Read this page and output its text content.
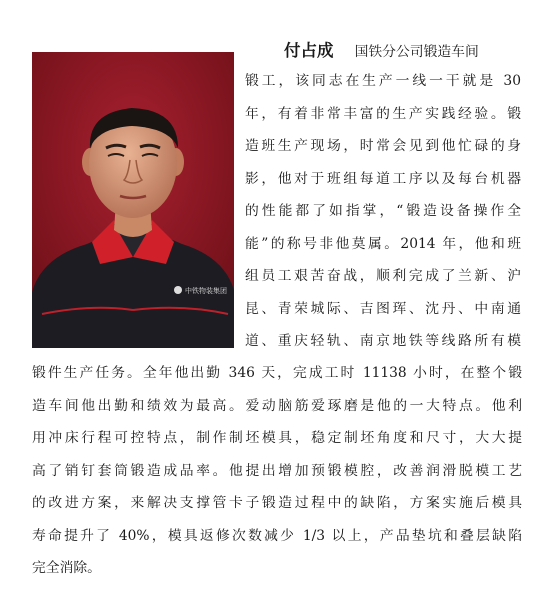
中铁物装集团
付占成 国铁分公司锻造车间
锻工，该同志在生产一线一干就是 30
年，有着非常丰富的生产实践经验。锻
造班生产现场，时常会见到他忙碌的身
影，他对于班组每道工序以及每台机器
的性能都了如指掌，“锻造设备操作全
能”的称号非他莫属。2014 年，他和班
组员工艰苦奋战，顺利完成了兰新、沪
昆、青荣城际、吉图珲、沈丹、中南通
道、重庆轻轨、南京地铁等线路所有模
锻件生产任务。全年他出勤 346 天，完成工时 11138 小时，在整个锻
造车间他出勤和绩效为最高。爱动脑筋爱琢磨是他的一大特点。他利
用冲床行程可控特点，制作制坯模具，稳定制坯角度和尺寸，大大提
高了销钉套筒锻造成品率。他提出增加预锻模腔，改善润滑脱模工艺
的改进方案，来解决支撑管卡子锻造过程中的缺陷，方案实施后模具
寿命提升了 40%，模具返修次数减少 1/3 以上，产品垫坑和叠层缺陷
完全消除。
